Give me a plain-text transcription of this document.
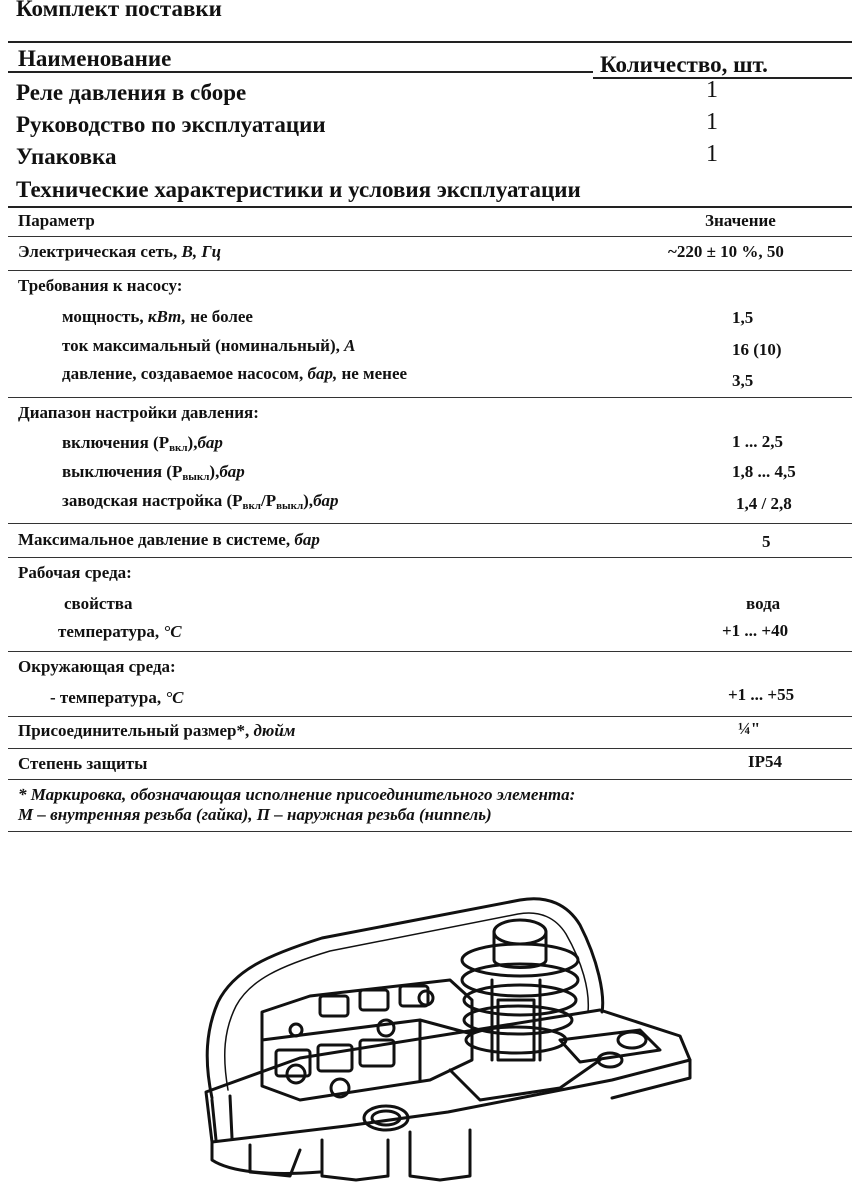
Комплект поставки
Наименование	Количество, шт.
Реле давления в сборе	1
Руководство по эксплуатации	1
Упаковка	1
Технические характеристики и условия эксплуатации
Параметр	Значение
Электрическая сеть, В, Гц	~220 ± 10 %, 50
Требования к насосу:
мощность, кВт, не более	1,5
ток максимальный (номинальный), А	16 (10)
давление, создаваемое насосом, бар, не менее	3,5
Диапазон настройки давления:
включения $(Р_{вкл}),бар$	1 ... 2,5
выключения $(Р_{выкл}),бар$	1,8 ... 4,5
заводская настройка $(Р_{вкл}/Р_{выкл}),бар$	1,4 / 2,8
Максимальное давление в системе, бар	5
Рабочая среда:
свойства	вода
температура, °C	+1 ... +40
Окружающая среда:
- температура, °C	+1 ... +55
Присоединительный размер*, дюйм	¼"
Степень защиты	IP54
* Маркировка, обозначающая исполнение присоединительного элемента:
М – внутренняя резьба (гайка), П – наружная резьба (ниппель)
